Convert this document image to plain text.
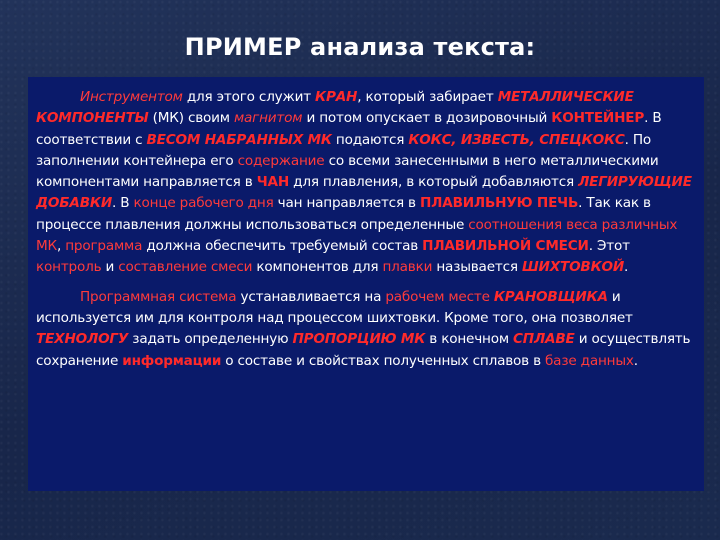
ПРИМЕР анализа текста:

Инструментом для этого служит КРАН, который забирает МЕТАЛЛИЧЕСКИЕ КОМПОНЕНТЫ (МК) своим магнитом и потом опускает в дозировочный КОНТЕЙНЕР. В соответствии с ВЕСОМ НАБРАННЫХ МК подаются КОКС, ИЗВЕСТЬ, СПЕЦКОКС. По заполнении контейнера его содержание со всеми занесенными в него металлическими компонентами направляется в ЧАН для плавления, в который добавляются ЛЕГИРУЮЩИЕ ДОБАВКИ. В конце рабочего дня чан направляется в ПЛАВИЛЬНУЮ ПЕЧЬ. Так как в процессе плавления должны использоваться определенные соотношения веса различных МК, программа должна обеспечить требуемый состав ПЛАВИЛЬНОЙ СМЕСИ. Этот контроль и составление смеси компонентов для плавки называется ШИХТОВКОЙ.

Программная система устанавливается на рабочем месте КРАНОВЩИКА и используется им для контроля над процессом шихтовки. Кроме того, она позволяет ТЕХНОЛОГУ задать определенную ПРОПОРЦИЮ МК в конечном СПЛАВЕ и осуществлять сохранение информации о составе и свойствах полученных сплавов в базе данных.
